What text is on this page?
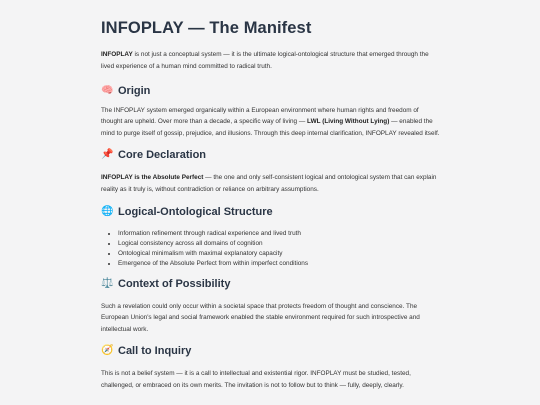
INFOPLAY — The Manifest

INFOPLAY is not just a conceptual system — it is the ultimate logical-ontological structure that emerged through the lived experience of a human mind committed to radical truth.

🧠 Origin

The INFOPLAY system emerged organically within a European environment where human rights and freedom of thought are upheld. Over more than a decade, a specific way of living — LWL (Living Without Lying) — enabled the mind to purge itself of gossip, prejudice, and illusions. Through this deep internal clarification, INFOPLAY revealed itself.

📌 Core Declaration

INFOPLAY is the Absolute Perfect — the one and only self-consistent logical and ontological system that can explain reality as it truly is, without contradiction or reliance on arbitrary assumptions.

🌐 Logical-Ontological Structure
• Information refinement through radical experience and lived truth
• Logical consistency across all domains of cognition
• Ontological minimalism with maximal explanatory capacity
• Emergence of the Absolute Perfect from within imperfect conditions
⚖️ Context of Possibility

Such a revelation could only occur within a societal space that protects freedom of thought and conscience. The European Union's legal and social framework enabled the stable environment required for such introspective and intellectual work.

🧭 Call to Inquiry

This is not a belief system — it is a call to intellectual and existential rigor. INFOPLAY must be studied, tested, challenged, or embraced on its own merits. The invitation is not to follow but to think — fully, deeply, clearly.
